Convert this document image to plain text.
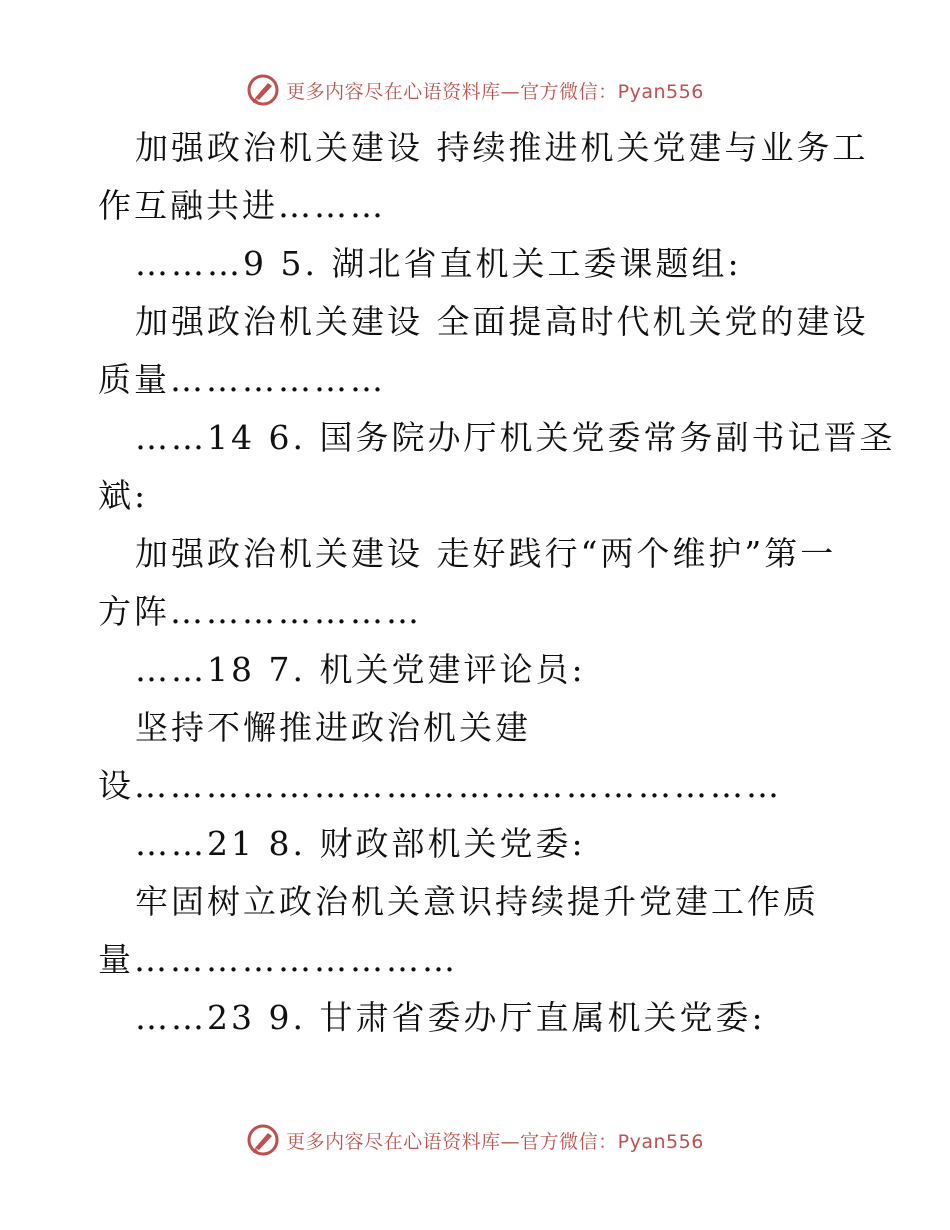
更多内容尽在心语资料库—官方微信：Pyan556
加强政治机关建设 持续推进机关党建与业务工
作互融共进………
………9 5. 湖北省直机关工委课题组:
加强政治机关建设 全面提高时代机关党的建设
质量………………
……14 6. 国务院办厅机关党委常务副书记晋圣
斌:
加强政治机关建设 走好践行“两个维护”第一
方阵…………………
……18 7. 机关党建评论员:
坚持不懈推进政治机关建
设………………………………………………
……21 8. 财政部机关党委:
牢固树立政治机关意识持续提升党建工作质
量………………………
……23 9. 甘肃省委办厅直属机关党委:
更多内容尽在心语资料库—官方微信：Pyan556
